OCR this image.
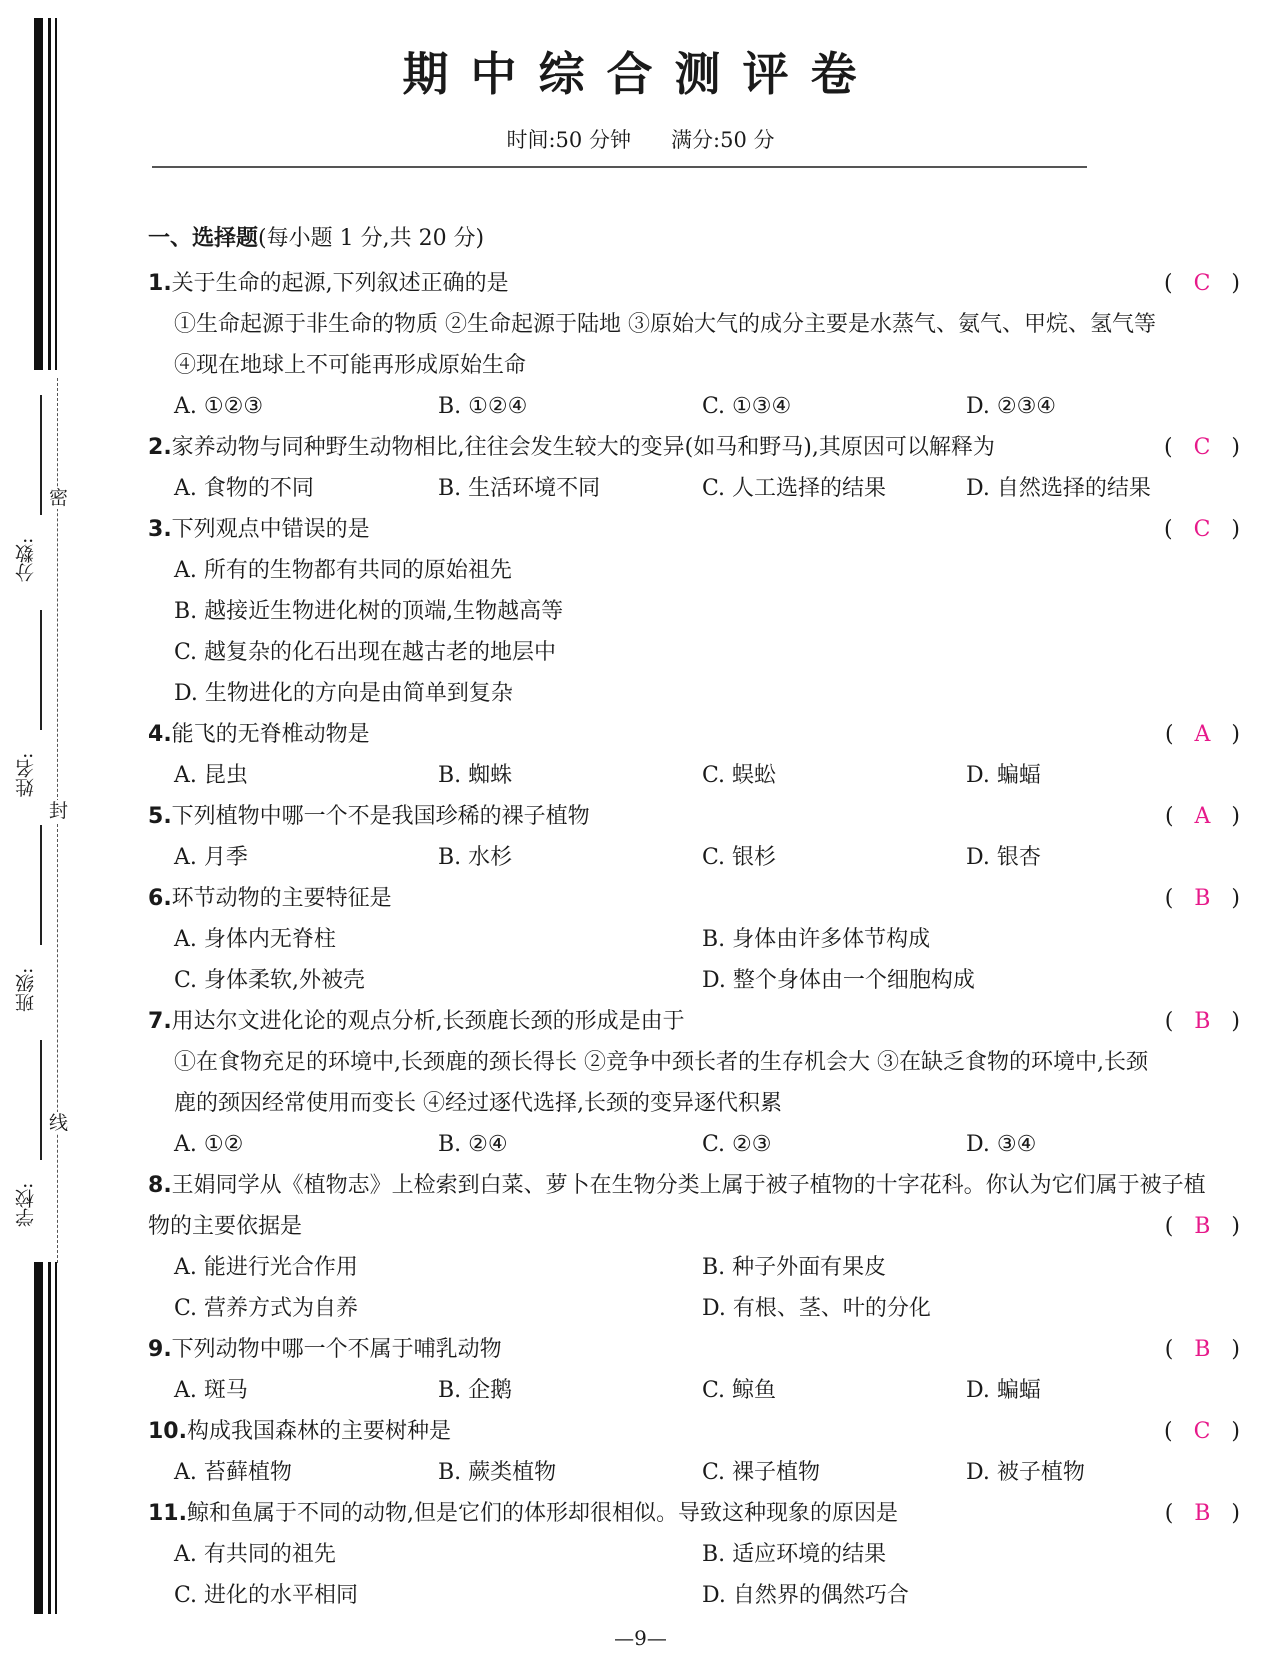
分数:
姓名:
班级:
学校:
密
封
线
期中综合测评卷
时间:50 分钟 满分:50 分
一、选择题(每小题 1 分,共 20 分)
1.关于生命的起源,下列叙述正确的是	(   C   )
①生命起源于非生命的物质 ②生命起源于陆地 ③原始大气的成分主要是水蒸气、氨气、甲烷、氢气等
④现在地球上不可能再形成原始生命
A. ①②③	B. ①②④	C. ①③④	D. ②③④
2.家养动物与同种野生动物相比,往往会发生较大的变异(如马和野马),其原因可以解释为	(   C   )
A. 食物的不同	B. 生活环境不同	C. 人工选择的结果	D. 自然选择的结果
3.下列观点中错误的是	(   C   )
A. 所有的生物都有共同的原始祖先
B. 越接近生物进化树的顶端,生物越高等
C. 越复杂的化石出现在越古老的地层中
D. 生物进化的方向是由简单到复杂
4.能飞的无脊椎动物是	(   A   )
A. 昆虫	B. 蜘蛛	C. 蜈蚣	D. 蝙蝠
5.下列植物中哪一个不是我国珍稀的裸子植物	(   A   )
A. 月季	B. 水杉	C. 银杉	D. 银杏
6.环节动物的主要特征是	(   B   )
A. 身体内无脊柱	B. 身体由许多体节构成
C. 身体柔软,外被壳	D. 整个身体由一个细胞构成
7.用达尔文进化论的观点分析,长颈鹿长颈的形成是由于	(   B   )
①在食物充足的环境中,长颈鹿的颈长得长 ②竞争中颈长者的生存机会大 ③在缺乏食物的环境中,长颈
鹿的颈因经常使用而变长 ④经过逐代选择,长颈的变异逐代积累
A. ①②	B. ②④	C. ②③	D. ③④
8.王娟同学从《植物志》上检索到白菜、萝卜在生物分类上属于被子植物的十字花科。你认为它们属于被子植
物的主要依据是	(   B   )
A. 能进行光合作用	B. 种子外面有果皮
C. 营养方式为自养	D. 有根、茎、叶的分化
9.下列动物中哪一个不属于哺乳动物	(   B   )
A. 斑马	B. 企鹅	C. 鲸鱼	D. 蝙蝠
10.构成我国森林的主要树种是	(   C   )
A. 苔藓植物	B. 蕨类植物	C. 裸子植物	D. 被子植物
11.鲸和鱼属于不同的动物,但是它们的体形却很相似。导致这种现象的原因是	(   B   )
A. 有共同的祖先	B. 适应环境的结果
C. 进化的水平相同	D. 自然界的偶然巧合
—9—
